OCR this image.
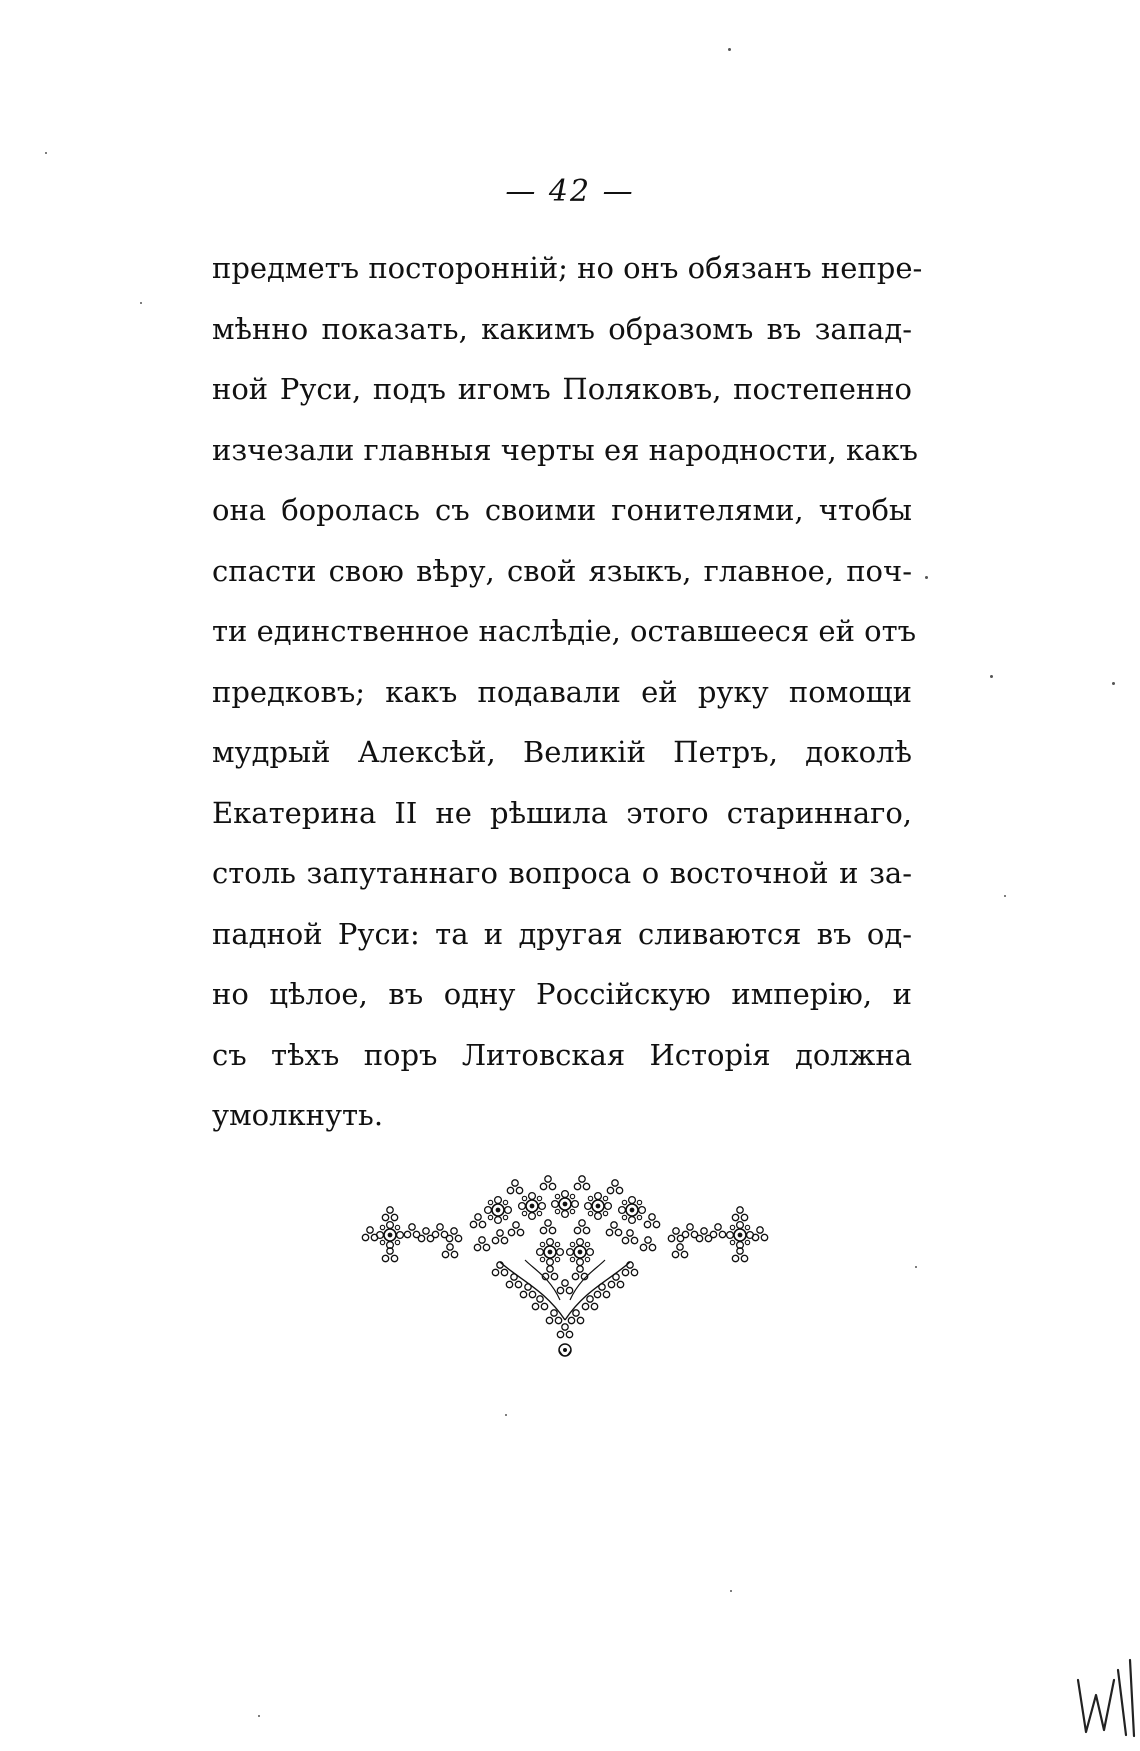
— 42 —
предметъ посторонній; но онъ обязанъ непре-
мѣнно показать, какимъ образомъ въ запад-
ной Руси, подъ игомъ Поляковъ, постепенно
изчезали главныя черты ея народности, какъ
она боролась съ своими гонителями, чтобы
спасти свою вѣру, свой языкъ, главное, поч-
ти единственное наслѣдіе, оставшееся ей отъ
предковъ; какъ подавали ей руку помощи
мудрый Алексѣй, Великій Петръ, доколѣ
Екатерина II не рѣшила этого стариннаго,
столь запутаннаго вопроса о восточной и за-
падной Руси: та и другая сливаются въ од-
но цѣлое, въ одну Россійскую имперію, и
съ тѣхъ поръ Литовская Исторія должна
умолкнуть.
